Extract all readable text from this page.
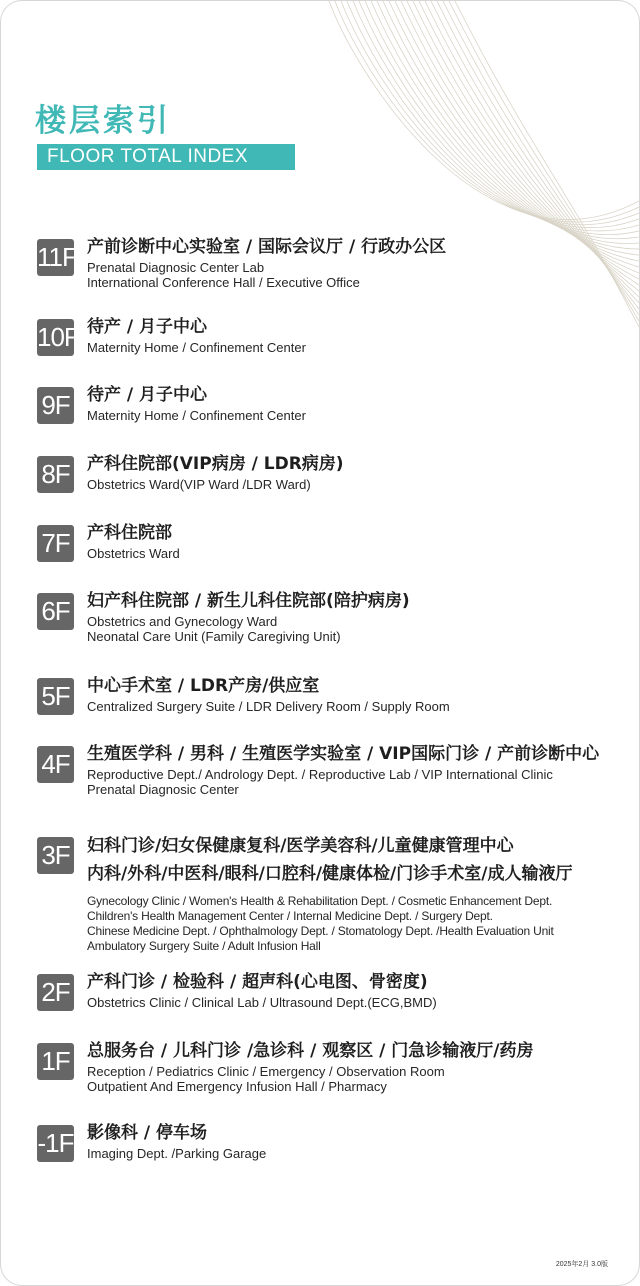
楼层索引
FLOOR TOTAL INDEX
11F 产前诊断中心实验室 / 国际会议厅 / 行政办公区
Prenatal Diagnosic Center Lab
International Conference Hall / Executive Office
10F 待产 / 月子中心
Maternity Home / Confinement Center
9F 待产 / 月子中心
Maternity Home / Confinement Center
8F 产科住院部(VIP病房 / LDR病房)
Obstetrics Ward(VIP Ward /LDR Ward)
7F 产科住院部
Obstetrics Ward
6F 妇产科住院部 / 新生儿科住院部(陪护病房)
Obstetrics and Gynecology Ward
Neonatal Care Unit (Family Caregiving Unit)
5F 中心手术室 / LDR产房/供应室
Centralized Surgery Suite / LDR Delivery Room / Supply Room
4F 生殖医学科 / 男科 / 生殖医学实验室 / VIP国际门诊 / 产前诊断中心
Reproductive Dept./ Andrology Dept. / Reproductive Lab / VIP International Clinic
Prenatal Diagnosic Center
3F 妇科门诊/妇女保健康复科/医学美容科/儿童健康管理中心
内科/外科/中医科/眼科/口腔科/健康体检/门诊手术室/成人输液厅
Gynecology Clinic / Women's Health & Rehabilitation Dept. / Cosmetic Enhancement Dept.
Children's Health Management Center / Internal Medicine Dept. / Surgery Dept.
Chinese Medicine Dept. / Ophthalmology Dept. / Stomatology Dept. /Health Evaluation Unit
Ambulatory Surgery Suite / Adult Infusion Hall
2F 产科门诊 / 检验科 / 超声科(心电图、骨密度)
Obstetrics Clinic / Clinical Lab / Ultrasound Dept.(ECG,BMD)
1F 总服务台 / 儿科门诊 /急诊科 / 观察区 / 门急诊输液厅/药房
Reception / Pediatrics Clinic / Emergency / Observation Room
Outpatient And Emergency Infusion Hall / Pharmacy
-1F 影像科 / 停车场
Imaging Dept. /Parking Garage
2025年2月 3.0版
